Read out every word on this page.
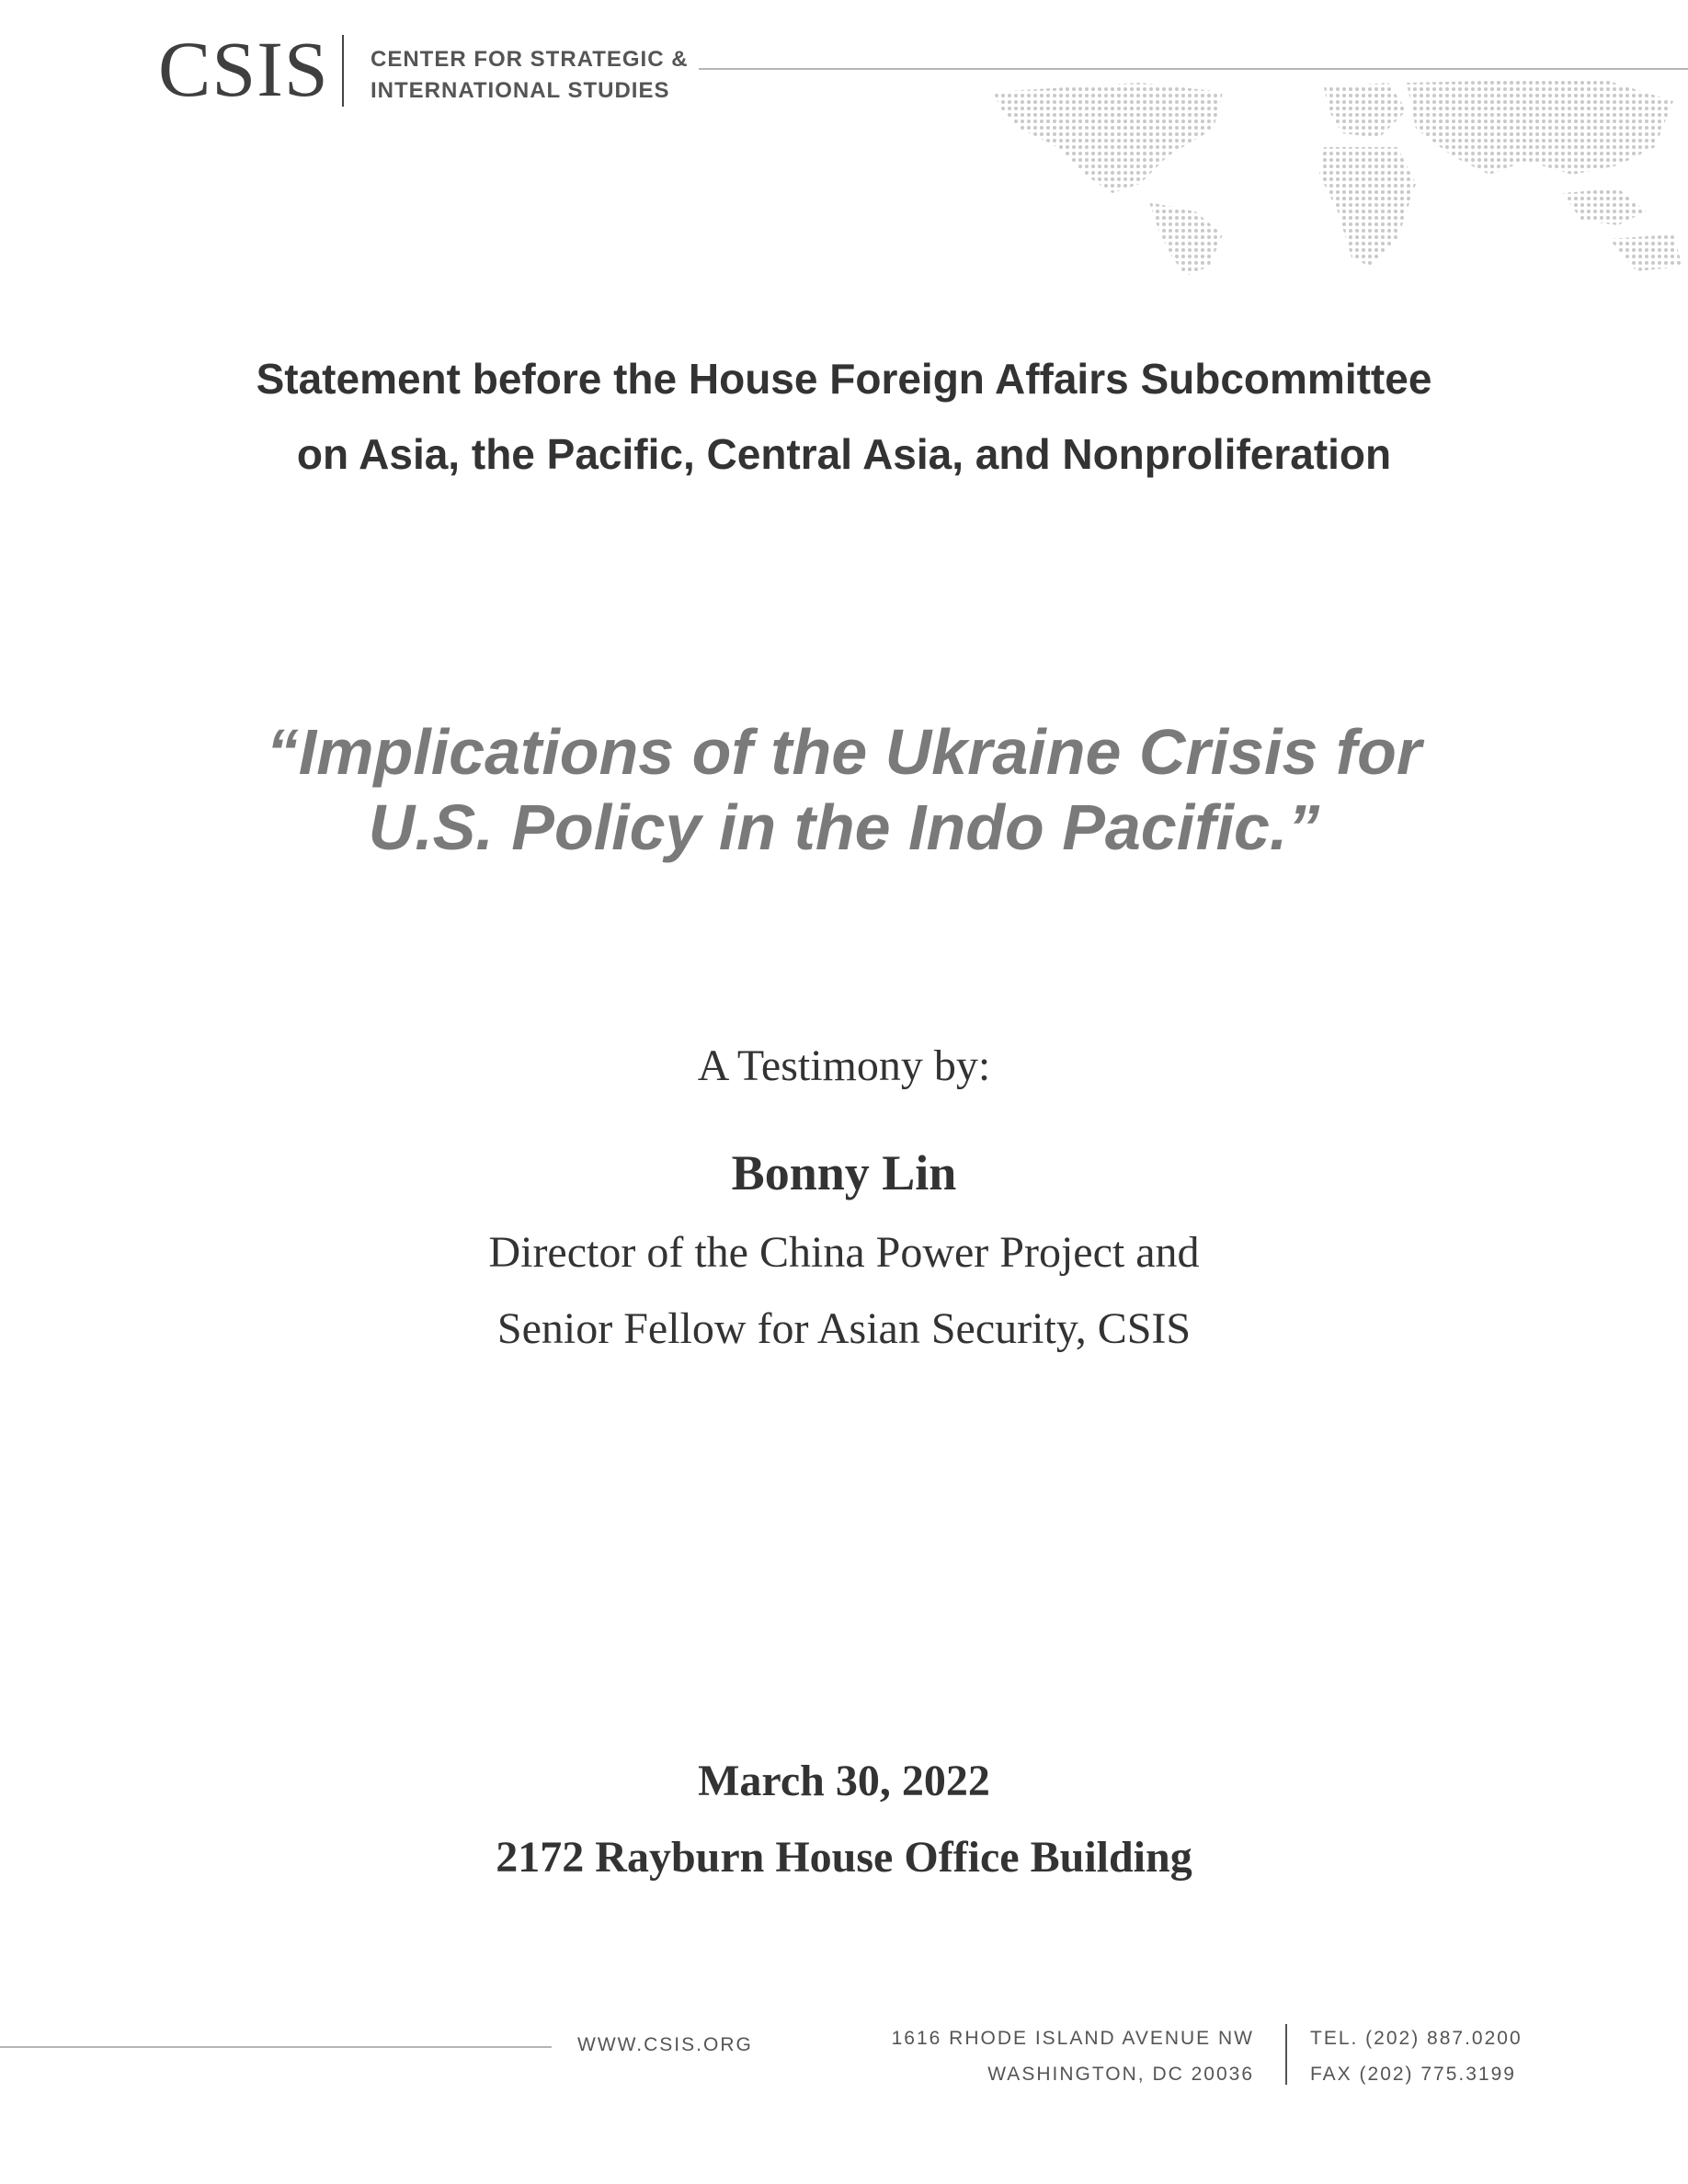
CSIS CENTER FOR STRATEGIC &
INTERNATIONAL STUDIES
Statement before the House Foreign Affairs Subcommittee
on Asia, the Pacific, Central Asia, and Nonproliferation
“Implications of the Ukraine Crisis for
U.S. Policy in the Indo Pacific.”
A Testimony by:
Bonny Lin
Director of the China Power Project and
Senior Fellow for Asian Security, CSIS
March 30, 2022
2172 Rayburn House Office Building
WWW.CSIS.ORG	1616 RHODE ISLAND AVENUE NW
WASHINGTON, DC 20036
TEL. (202) 887.0200
FAX (202) 775.3199
